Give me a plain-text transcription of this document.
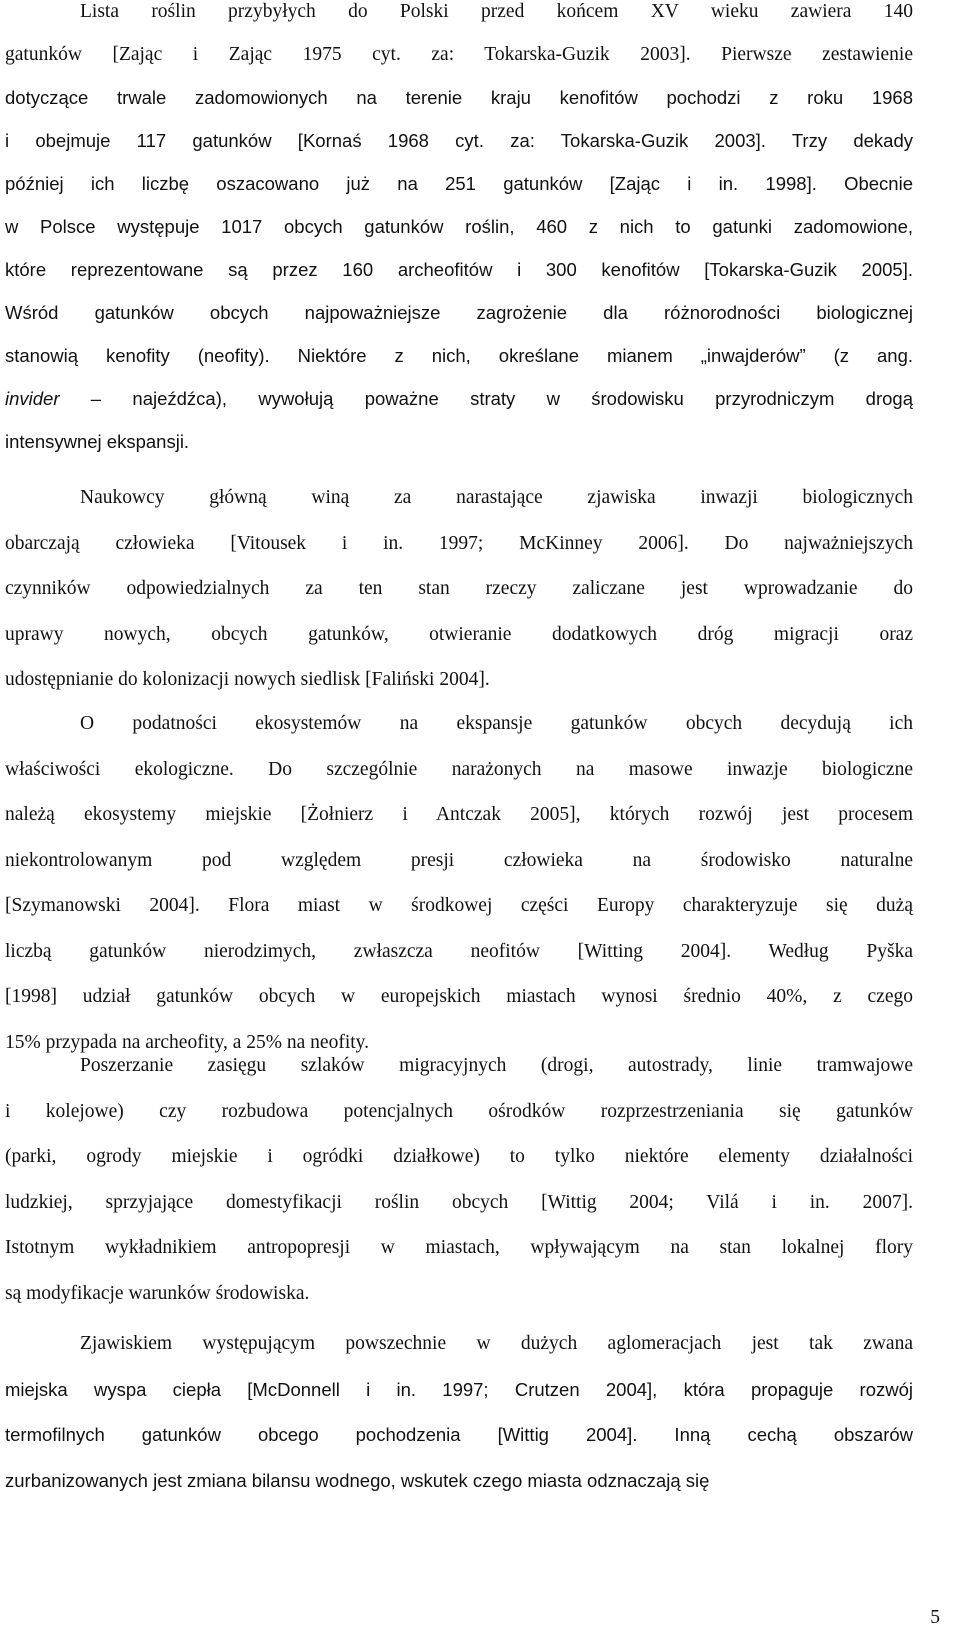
Lista roślin przybyłych do Polski przed końcem XV wieku zawiera 140
gatunków [Zając i Zając 1975 cyt. za: Tokarska-Guzik 2003]. Pierwsze zestawienie
dotyczące trwale zadomowionych na terenie kraju kenofitów pochodzi z roku 1968
i obejmuje 117 gatunków [Kornaś 1968 cyt. za: Tokarska-Guzik 2003]. Trzy dekady
później ich liczbę oszacowano już na 251 gatunków [Zając i in. 1998]. Obecnie
w Polsce występuje 1017 obcych gatunków roślin, 460 z nich to gatunki zadomowione,
które reprezentowane są przez 160 archeofitów i 300 kenofitów [Tokarska-Guzik 2005].
Wśród gatunków obcych najpoważniejsze zagrożenie dla różnorodności biologicznej
stanowią kenofity (neofity). Niektóre z nich, określane mianem „inwajderów” (z ang.
invider – najeźdźca), wywołują poważne straty w środowisku przyrodniczym drogą
intensywnej ekspansji.
Naukowcy główną winą za narastające zjawiska inwazji biologicznych
obarczają człowieka [Vitousek i in. 1997; McKinney 2006]. Do najważniejszych
czynników odpowiedzialnych za ten stan rzeczy zaliczane jest wprowadzanie do
uprawy nowych, obcych gatunków, otwieranie dodatkowych dróg migracji oraz
udostępnianie do kolonizacji nowych siedlisk [Faliński 2004].
O podatności ekosystemów na ekspansje gatunków obcych decydują ich
właściwości ekologiczne. Do szczególnie narażonych na masowe inwazje biologiczne
należą ekosystemy miejskie [Żołnierz i Antczak 2005], których rozwój jest procesem
niekontrolowanym pod względem presji człowieka na środowisko naturalne
[Szymanowski 2004]. Flora miast w środkowej części Europy charakteryzuje się dużą
liczbą gatunków nierodzimych, zwłaszcza neofitów [Witting 2004]. Według Pyška
[1998] udział gatunków obcych w europejskich miastach wynosi średnio 40%, z czego
15% przypada na archeofity, a 25% na neofity.
Poszerzanie zasięgu szlaków migracyjnych (drogi, autostrady, linie tramwajowe
i kolejowe) czy rozbudowa potencjalnych ośrodków rozprzestrzeniania się gatunków
(parki, ogrody miejskie i ogródki działkowe) to tylko niektóre elementy działalności
ludzkiej, sprzyjające domestyfikacji roślin obcych [Wittig 2004; Vilá i in. 2007].
Istotnym wykładnikiem antropopresji w miastach, wpływającym na stan lokalnej flory
są modyfikacje warunków środowiska.
Zjawiskiem występującym powszechnie w dużych aglomeracjach jest tak zwana
miejska wyspa ciepła [McDonnell i in. 1997; Crutzen 2004], która propaguje rozwój
termofilnych gatunków obcego pochodzenia [Wittig 2004]. Inną cechą obszarów
zurbanizowanych jest zmiana bilansu wodnego, wskutek czego miasta odznaczają się
5
